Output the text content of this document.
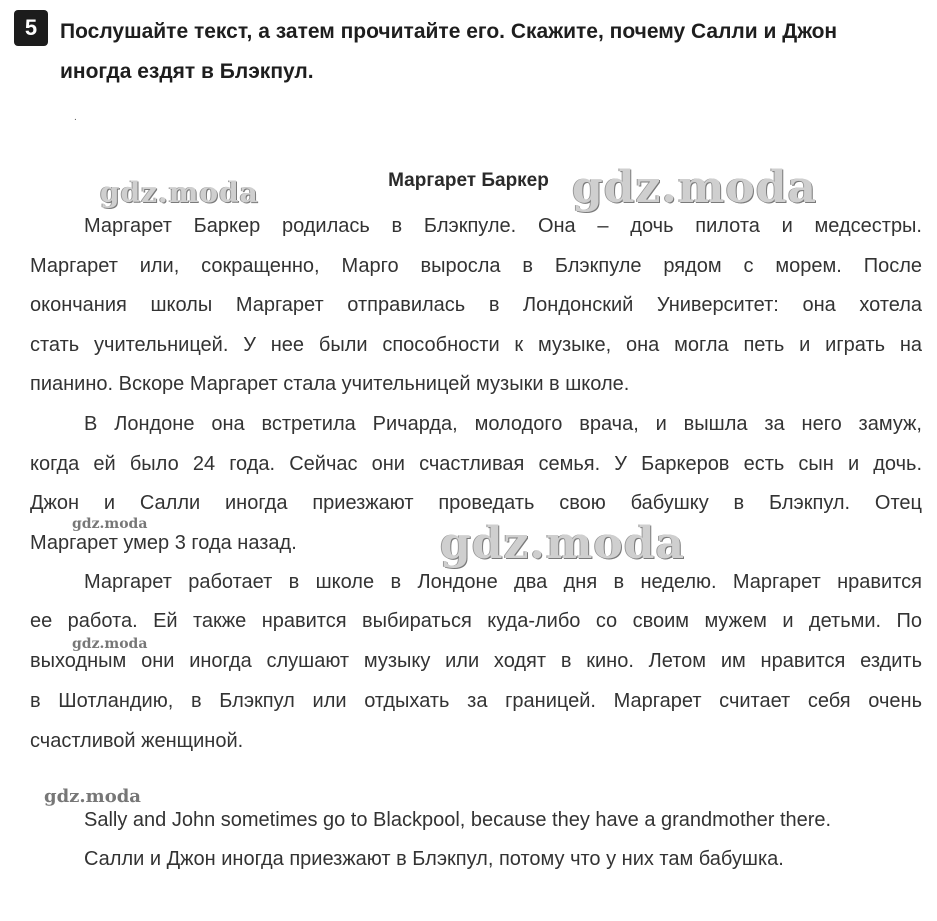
5	Послушайте текст, а затем прочитайте его. Скажите, почему Салли и Джон
иногда ездят в Блэкпул.
.
Маргарет Баркер
Маргарет Баркер родилась в Блэкпуле. Она – дочь пилота и медсестры.
Маргарет или, сокращенно, Марго выросла в Блэкпуле рядом с морем. После
окончания школы Маргарет отправилась в Лондонский Университет: она хотела
стать учительницей. У нее были способности к музыке, она могла петь и играть на
пианино. Вскоре Маргарет стала учительницей музыки в школе.
В Лондоне она встретила Ричарда, молодого врача, и вышла за него замуж,
когда ей было 24 года. Сейчас они счастливая семья. У Баркеров есть сын и дочь.
Джон и Салли иногда приезжают проведать свою бабушку в Блэкпул. Отец
Маргарет умер 3 года назад.
Маргарет работает в школе в Лондоне два дня в неделю. Маргарет нравится
ее работа. Ей также нравится выбираться куда-либо со своим мужем и детьми. По
выходным они иногда слушают музыку или ходят в кино. Летом им нравится ездить
в Шотландию, в Блэкпул или отдыхать за границей. Маргарет считает себя очень
счастливой женщиной.
Sally and John sometimes go to Blackpool, because they have a grandmother there.
Салли и Джон иногда приезжают в Блэкпул, потому что у них там бабушка.
gdz.moda	gdz.moda
gdz.moda	gdz.moda
gdz.moda
gdz.moda
